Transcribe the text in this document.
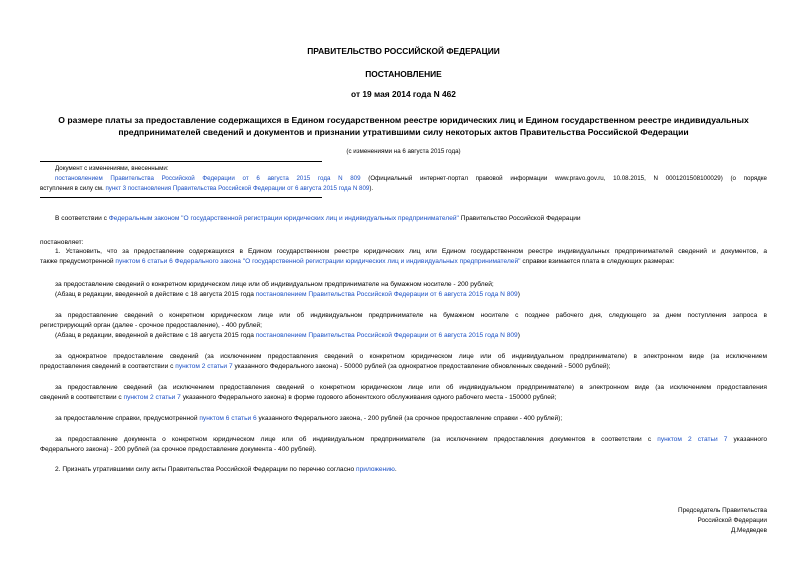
ПРАВИТЕЛЬСТВО РОССИЙСКОЙ ФЕДЕРАЦИИ
ПОСТАНОВЛЕНИЕ
от 19 мая 2014 года N 462
О размере платы за предоставление содержащихся в Едином государственном реестре юридических лиц и Едином государственном реестре индивидуальных
предпринимателей сведений и документов и признании утратившими силу некоторых актов Правительства Российской Федерации
(с изменениями на 6 августа 2015 года)
Документ с изменениями, внесенными:
постановлением Правительства Российской Федерации от 6 августа 2015 года N 809 (Официальный интернет-портал правовой информации www.pravo.gov.ru, 10.08.2015, N 0001201508100029) (о порядке
вступления в силу см. пункт 3 постановления Правительства Российской Федерации от 6 августа 2015 года N 809).
В соответствии с Федеральным законом "О государственной регистрации юридических лиц и индивидуальных предпринимателей" Правительство Российской Федерации
постановляет:
1. Установить, что за предоставление содержащихся в Едином государственном реестре юридических лиц или Едином государственном реестре индивидуальных предпринимателей сведений и документов, а
также предусмотренной пунктом 6 статьи 6 Федерального закона "О государственной регистрации юридических лиц и индивидуальных предпринимателей" справки взимается плата в следующих размерах:
за предоставление сведений о конкретном юридическом лице или об индивидуальном предпринимателе на бумажном носителе - 200 рублей;
(Абзац в редакции, введенной в действие с 18 августа 2015 года постановлением Правительства Российской Федерации от 6 августа 2015 года N 809)
за предоставление сведений о конкретном юридическом лице или об индивидуальном предпринимателе на бумажном носителе с позднее рабочего дня, следующего за днем поступления запроса в
регистрирующий орган (далее - срочное предоставление), - 400 рублей;
(Абзац в редакции, введенной в действие с 18 августа 2015 года постановлением Правительства Российской Федерации от 6 августа 2015 года N 809)
за однократное предоставление сведений (за исключением предоставления сведений о конкретном юридическом лице или об индивидуальном предпринимателе) в электронном виде (за исключением
предоставления сведений в соответствии с пунктом 2 статьи 7 указанного Федерального закона) - 50000 рублей (за однократное предоставление обновленных сведений - 5000 рублей);
за предоставление сведений (за исключением предоставления сведений о конкретном юридическом лице или об индивидуальном предпринимателе) в электронном виде (за исключением предоставления
сведений в соответствии с пунктом 2 статьи 7 указанного Федерального закона) в форме годового абонентского обслуживания одного рабочего места - 150000 рублей;
за предоставление справки, предусмотренной пунктом 6 статьи 6 указанного Федерального закона, - 200 рублей (за срочное предоставление справки - 400 рублей);
за предоставление документа о конкретном юридическом лице или об индивидуальном предпринимателе (за исключением предоставления документов в соответствии с пунктом 2 статьи 7 указанного
Федерального закона) - 200 рублей (за срочное предоставление документа - 400 рублей).
2. Признать утратившими силу акты Правительства Российской Федерации по перечню согласно приложению.
Председатель Правительства
Российской Федерации
Д.Медведев
